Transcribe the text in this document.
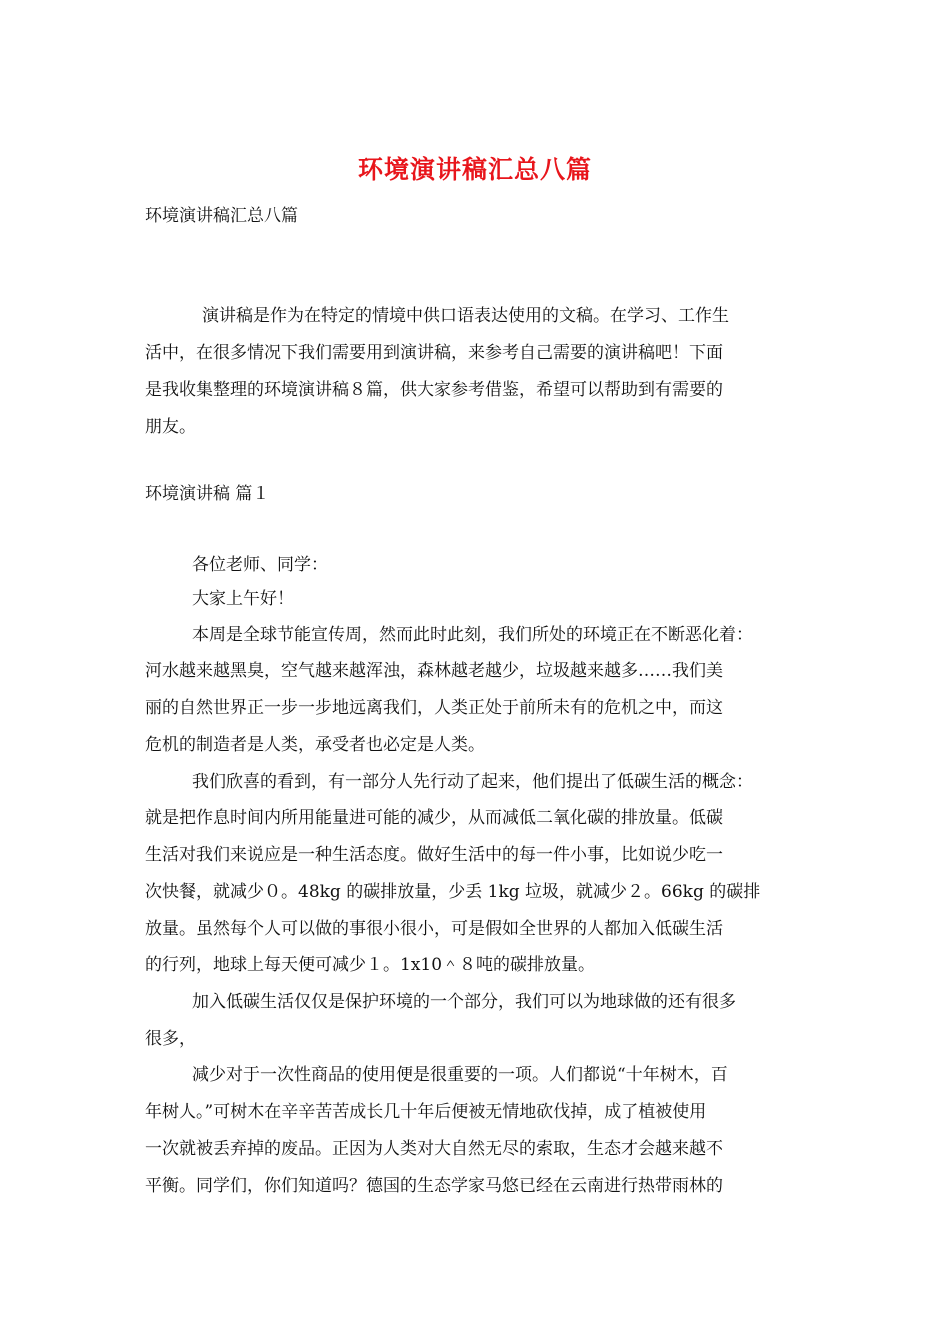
环境演讲稿汇总八篇
环境演讲稿汇总八篇
演讲稿是作为在特定的情境中供口语表达使用的文稿。在学习、工作生
活中，在很多情况下我们需要用到演讲稿，来参考自己需要的演讲稿吧！下面
是我收集整理的环境演讲稿８篇，供大家参考借鉴，希望可以帮助到有需要的
朋友。
环境演讲稿 篇１
各位老师、同学：
大家上午好！
本周是全球节能宣传周，然而此时此刻，我们所处的环境正在不断恶化着：
河水越来越黑臭，空气越来越浑浊，森林越老越少，垃圾越来越多……我们美
丽的自然世界正一步一步地远离我们，人类正处于前所未有的危机之中，而这
危机的制造者是人类，承受者也必定是人类。
我们欣喜的看到，有一部分人先行动了起来，他们提出了低碳生活的概念：
就是把作息时间内所用能量进可能的减少，从而减低二氧化碳的排放量。低碳
生活对我们来说应是一种生活态度。做好生活中的每一件小事，比如说少吃一
次快餐，就减少０。48kg 的碳排放量，少丢 1kg 垃圾，就减少２。66kg 的碳排
放量。虽然每个人可以做的事很小很小，可是假如全世界的人都加入低碳生活
的行列，地球上每天便可减少１。1x10＾８吨的碳排放量。
加入低碳生活仅仅是保护环境的一个部分，我们可以为地球做的还有很多
很多，
减少对于一次性商品的使用便是很重要的一项。人们都说“十年树木，百
年树人。”可树木在辛辛苦苦成长几十年后便被无情地砍伐掉，成了植被使用
一次就被丢弃掉的废品。正因为人类对大自然无尽的索取，生态才会越来越不
平衡。同学们，你们知道吗？德国的生态学家马悠已经在云南进行热带雨林的
